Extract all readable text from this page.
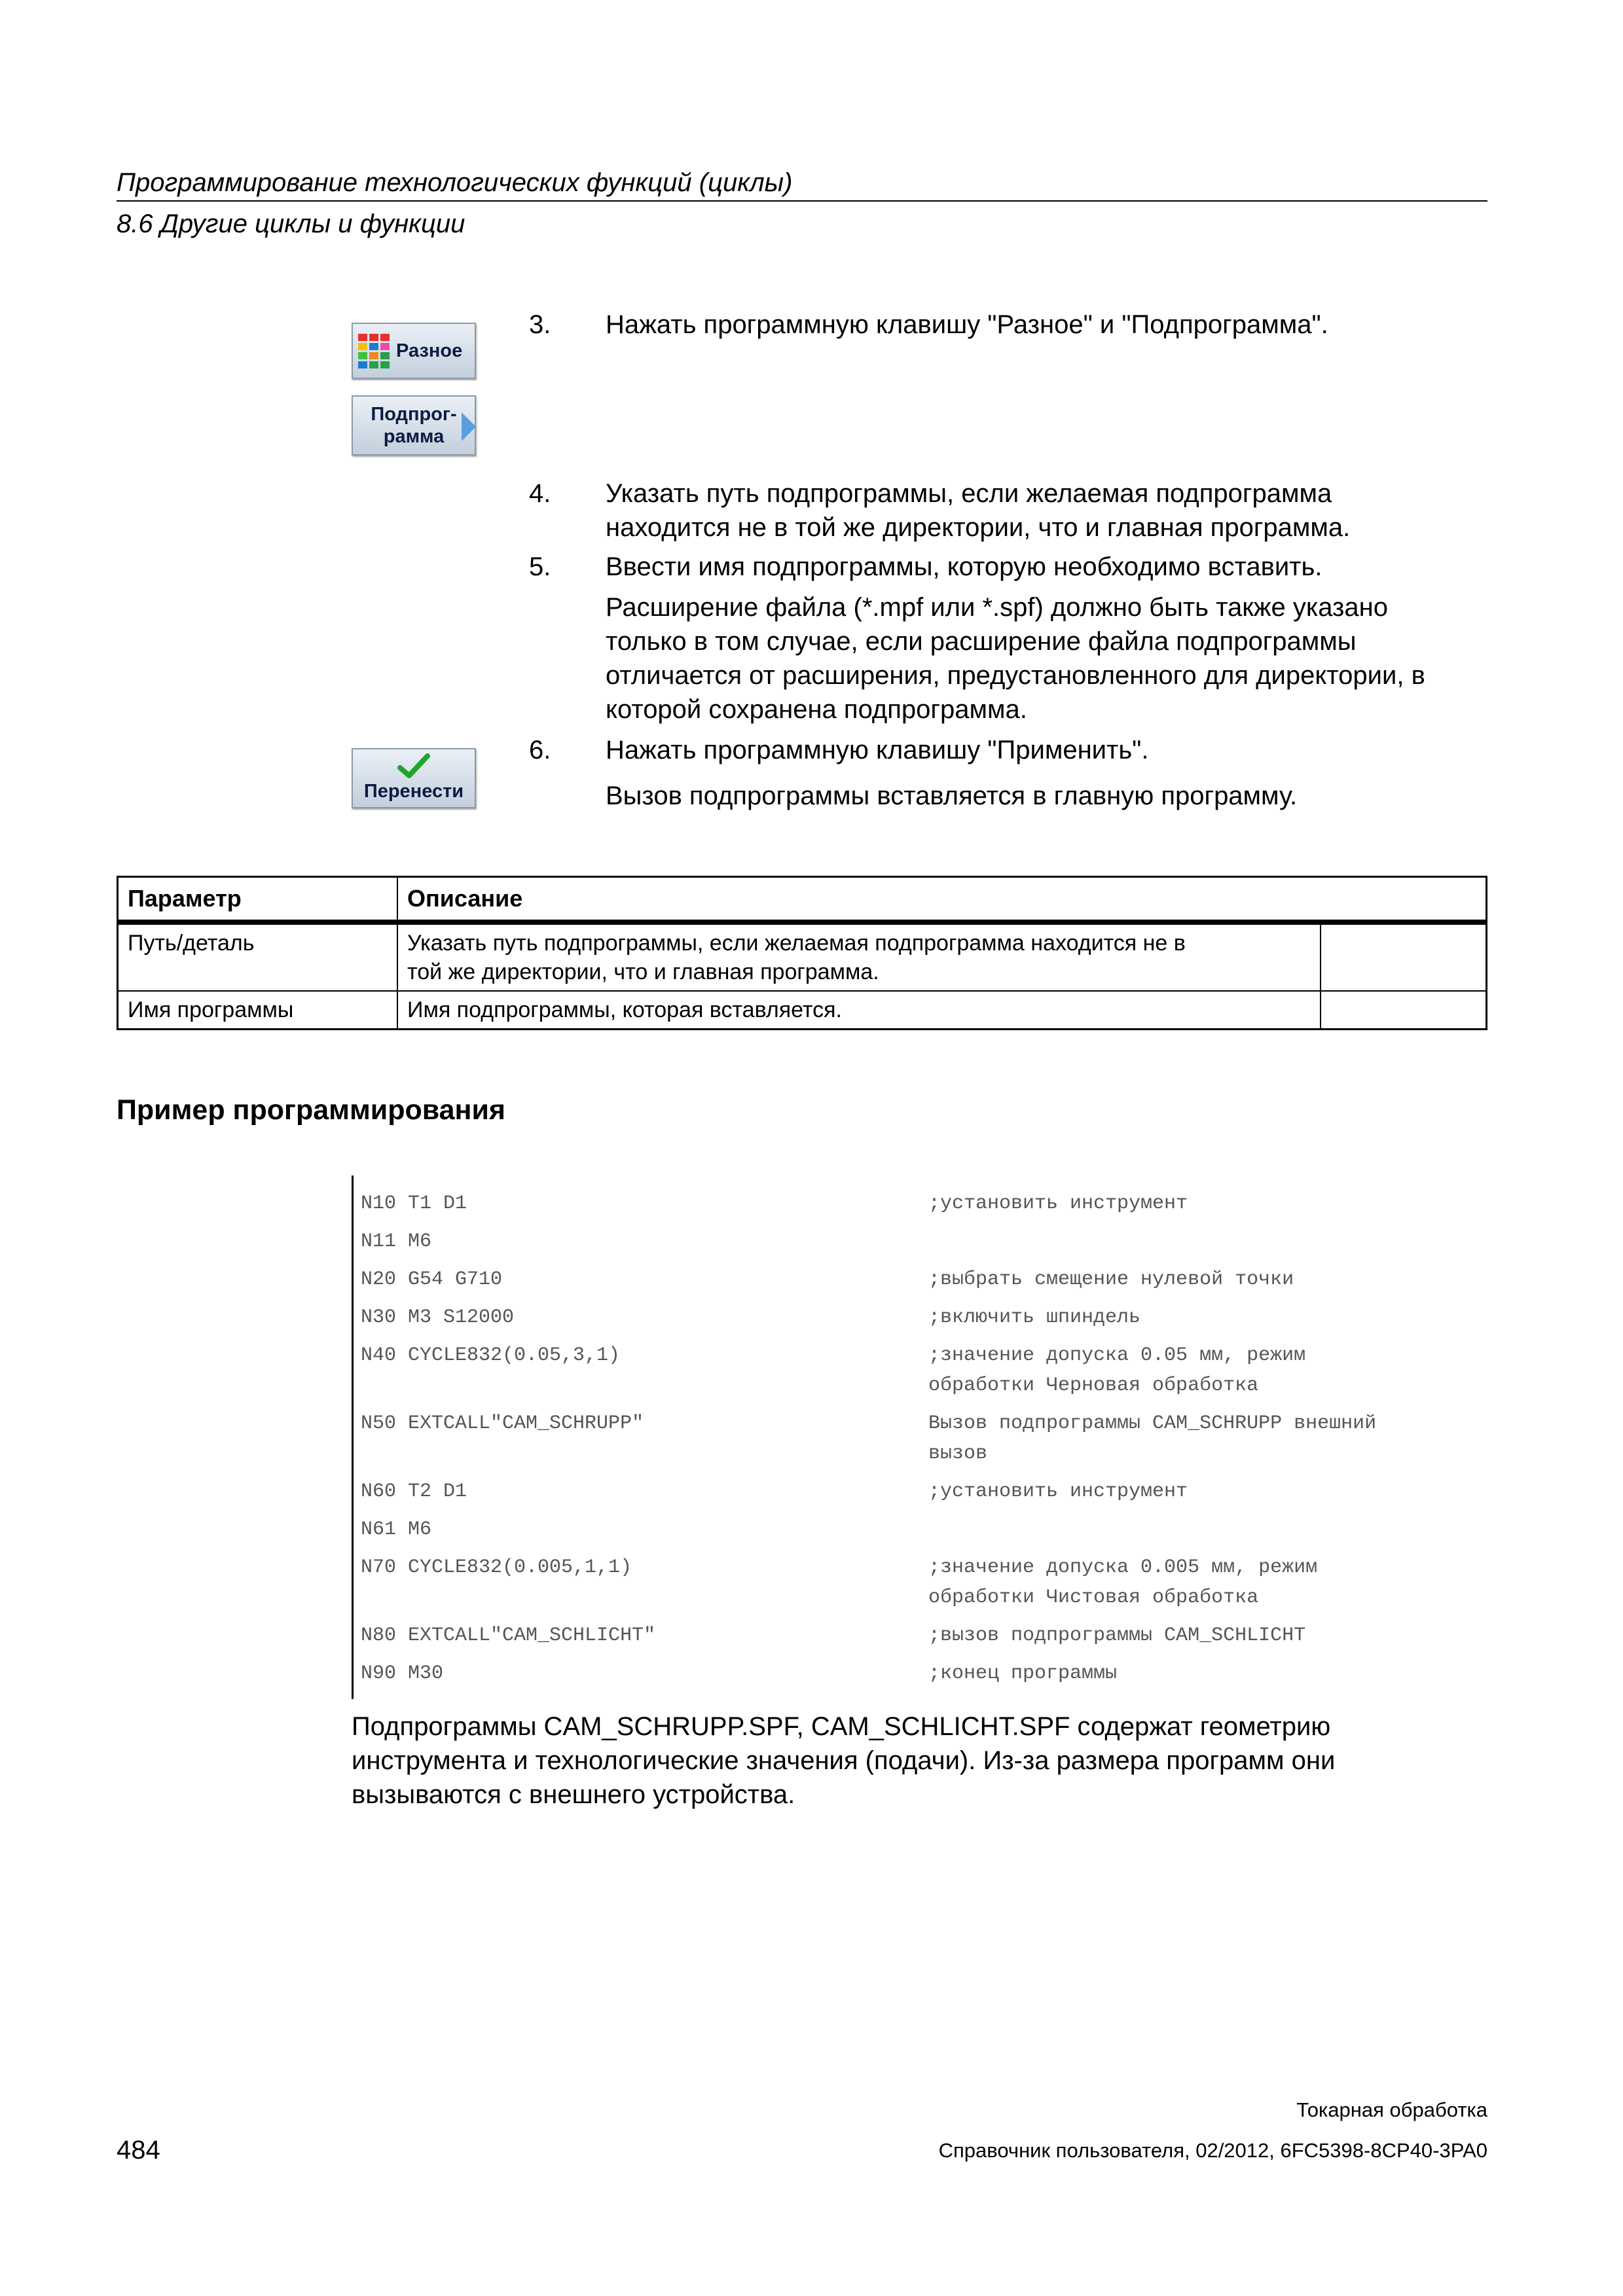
Программирование технологических функций (циклы)
8.6 Другие циклы и функции
Разное
Подпрог-
рамма
Перенести
3. Нажать программную клавишу "Разное" и "Подпрограмма".
4. Указать путь подпрограммы, если желаемая подпрограмма
находится не в той же директории, что и главная программа.
5. Ввести имя подпрограммы, которую необходимо вставить.
Расширение файла (*.mpf или *.spf) должно быть также указано
только в том случае, если расширение файла подпрограммы
отличается от расширения, предустановленного для директории, в
которой сохранена подпрограмма.
6. Нажать программную клавишу "Применить".
Вызов подпрограммы вставляется в главную программу.
Параметр	Описание
Путь/деталь	Указать путь подпрограммы, если желаемая подпрограмма находится не в
той же директории, что и главная программа.
Имя программы	Имя подпрограммы, которая вставляется.
Пример программирования
N10 T1 D1	;установить инструмент
N11 M6
N20 G54 G710	;выбрать смещение нулевой точки
N30 M3 S12000	;включить шпиндель
N40 CYCLE832(0.05,3,1)	;значение допуска 0.05 мм, режим
обработки Черновая обработка
N50 EXTCALL"CAM_SCHRUPP"	Вызов подпрограммы CAM_SCHRUPP внешний
вызов
N60 T2 D1	;установить инструмент
N61 M6
N70 CYCLE832(0.005,1,1)	;значение допуска 0.005 мм, режим
обработки Чистовая обработка
N80 EXTCALL"CAM_SCHLICHT"	;вызов подпрограммы CAM_SCHLICHT
N90 M30	;конец программы
Подпрограммы CAM_SCHRUPP.SPF, CAM_SCHLICHT.SPF содержат геометрию
инструмента и технологические значения (подачи). Из-за размера программ они
вызываются с внешнего устройства.
Токарная обработка
Справочник пользователя, 02/2012, 6FC5398-8CP40-3PA0
484
